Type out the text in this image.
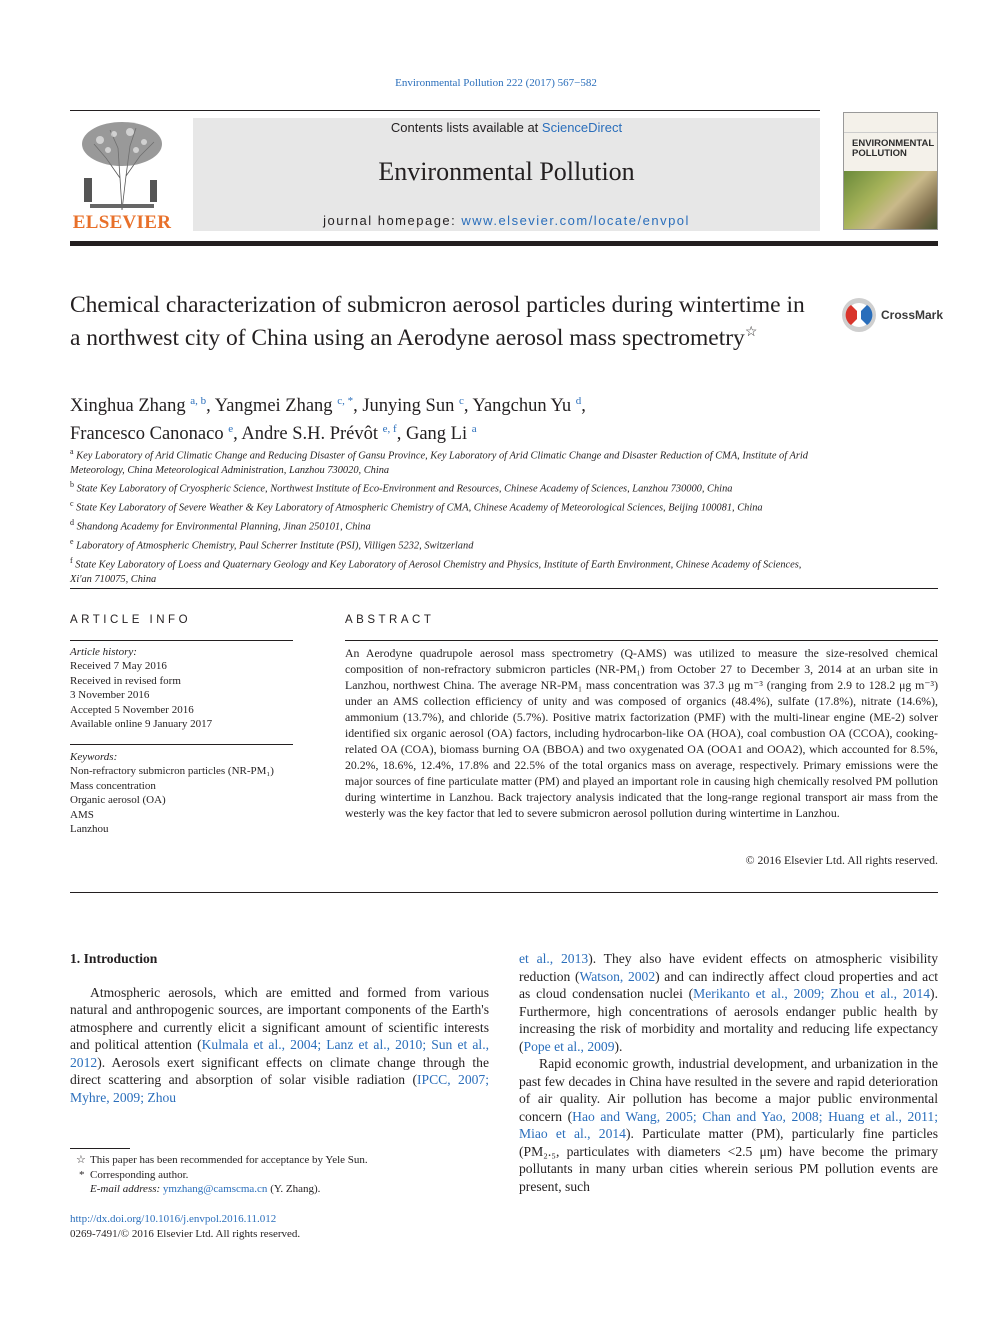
Environmental Pollution 222 (2017) 567−582
ELSEVIER
Contents lists available at ScienceDirect
Environmental Pollution
journal homepage: www.elsevier.com/locate/envpol
ENVIRONMENTAL POLLUTION
Chemical characterization of submicron aerosol particles during wintertime in a northwest city of China using an Aerodyne aerosol mass spectrometry☆
CrossMark
Xinghua Zhang $^{a, b}$, Yangmei Zhang $^{c, *}$, Junying Sun $^c$, Yangchun Yu $^d$,
Francesco Canonaco $^e$, Andre S.H. Prévôt $^{e, f}$, Gang Li $^a$
$^a$ Key Laboratory of Arid Climatic Change and Reducing Disaster of Gansu Province, Key Laboratory of Arid Climatic Change and Disaster Reduction of CMA, Institute of Arid Meteorology, China Meteorological Administration, Lanzhou 730020, China
$^b$ State Key Laboratory of Cryospheric Science, Northwest Institute of Eco-Environment and Resources, Chinese Academy of Sciences, Lanzhou 730000, China
$^c$ State Key Laboratory of Severe Weather & Key Laboratory of Atmospheric Chemistry of CMA, Chinese Academy of Meteorological Sciences, Beijing 100081, China
$^d$ Shandong Academy for Environmental Planning, Jinan 250101, China
$^e$ Laboratory of Atmospheric Chemistry, Paul Scherrer Institute (PSI), Villigen 5232, Switzerland
$^f$ State Key Laboratory of Loess and Quaternary Geology and Key Laboratory of Aerosol Chemistry and Physics, Institute of Earth Environment, Chinese Academy of Sciences, Xi'an 710075, China
ARTICLE INFO	ABSTRACT
Article history:
Received 7 May 2016
Received in revised form
3 November 2016
Accepted 5 November 2016
Available online 9 January 2017
Keywords:
Non-refractory submicron particles (NR-PM₁)
Mass concentration
Organic aerosol (OA)
AMS
Lanzhou
An Aerodyne quadrupole aerosol mass spectrometry (Q-AMS) was utilized to measure the size-resolved chemical composition of non-refractory submicron particles (NR-PM₁) from October 27 to December 3, 2014 at an urban site in Lanzhou, northwest China. The average NR-PM₁ mass concentration was 37.3 μg m⁻³ (ranging from 2.9 to 128.2 μg m⁻³) under an AMS collection efficiency of unity and was composed of organics (48.4%), sulfate (17.8%), nitrate (14.6%), ammonium (13.7%), and chloride (5.7%). Positive matrix factorization (PMF) with the multi-linear engine (ME-2) solver identified six organic aerosol (OA) factors, including hydrocarbon-like OA (HOA), coal combustion OA (CCOA), cooking-related OA (COA), biomass burning OA (BBOA) and two oxygenated OA (OOA1 and OOA2), which accounted for 8.5%, 20.2%, 18.6%, 12.4%, 17.8% and 22.5% of the total organics mass on average, respectively. Primary emissions were the major sources of fine particulate matter (PM) and played an important role in causing high chemically resolved PM pollution during wintertime in Lanzhou. Back trajectory analysis indicated that the long-range regional transport air mass from the westerly was the key factor that led to severe submicron aerosol pollution during wintertime in Lanzhou.
© 2016 Elsevier Ltd. All rights reserved.
1. Introduction
Atmospheric aerosols, which are emitted and formed from various natural and anthropogenic sources, are important components of the Earth's atmosphere and currently elicit a significant amount of scientific interests and political attention (Kulmala et al., 2004; Lanz et al., 2010; Sun et al., 2012). Aerosols exert significant effects on climate change through the direct scattering and absorption of solar visible radiation (IPCC, 2007; Myhre, 2009; Zhou
et al., 2013). They also have evident effects on atmospheric visibility reduction (Watson, 2002) and can indirectly affect cloud properties and act as cloud condensation nuclei (Merikanto et al., 2009; Zhou et al., 2014). Furthermore, high concentrations of aerosols endanger public health by increasing the risk of morbidity and mortality and reducing life expectancy (Pope et al., 2009).
Rapid economic growth, industrial development, and urbanization in the past few decades in China have resulted in the severe and rapid deterioration of air quality. Air pollution has become a major public environmental concern (Hao and Wang, 2005; Chan and Yao, 2008; Huang et al., 2011; Miao et al., 2014). Particulate matter (PM), particularly fine particles (PM₂.₅, particulates with diameters <2.5 μm) have become the primary pollutants in many urban cities wherein serious PM pollution events are present, such
☆ This paper has been recommended for acceptance by Yele Sun.
* Corresponding author.
E-mail address: ymzhang@camscma.cn (Y. Zhang).
http://dx.doi.org/10.1016/j.envpol.2016.11.012
0269-7491/© 2016 Elsevier Ltd. All rights reserved.
